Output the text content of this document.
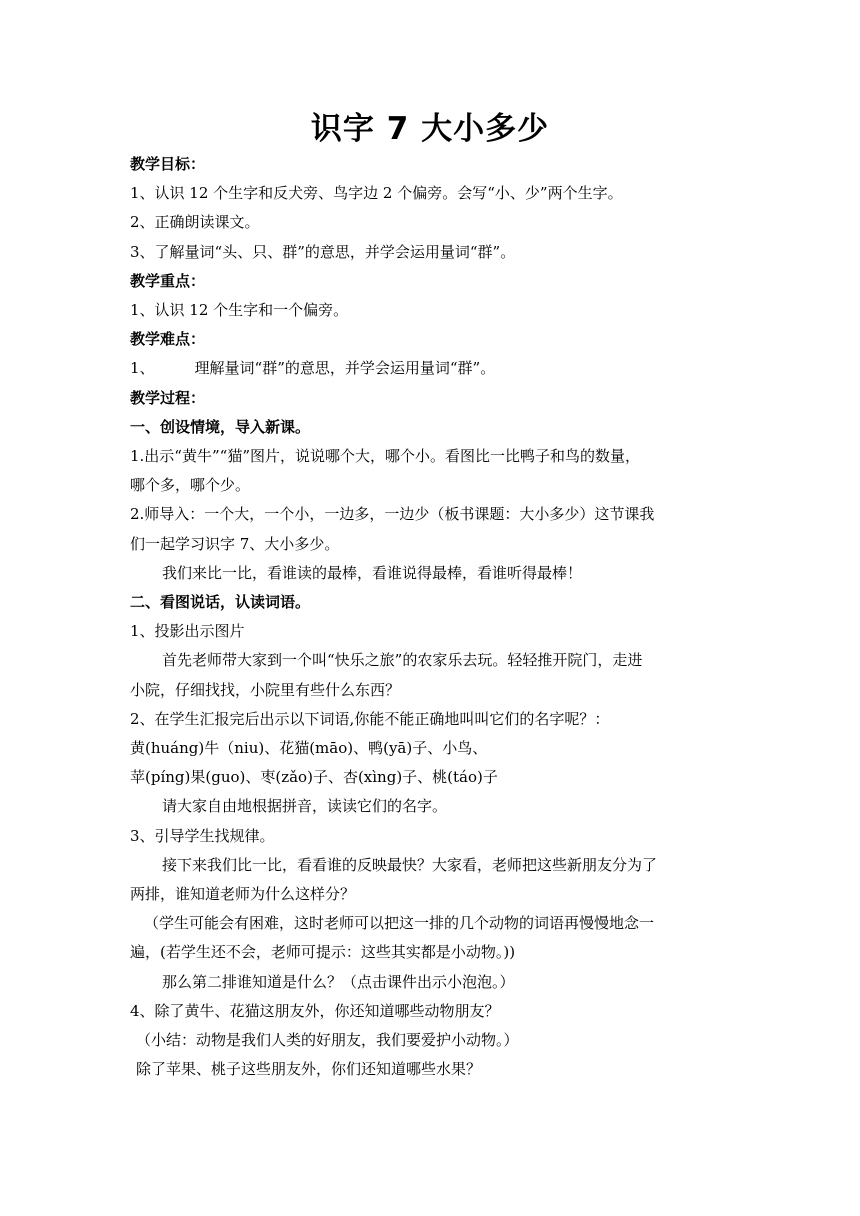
识字 7 大小多少
教学目标：
1、认识 12 个生字和反犬旁、鸟字边 2 个偏旁。会写“小、少”两个生字。
2、正确朗读课文。
3、了解量词“头、只、群”的意思，并学会运用量词“群”。
教学重点：
1、认识 12 个生字和一个偏旁。
教学难点：
1、	理解量词“群”的意思，并学会运用量词“群”。
教学过程：
一、创设情境，导入新课。
1.出示“黄牛”“猫”图片，说说哪个大，哪个小。看图比一比鸭子和鸟的数量，
哪个多，哪个少。
2.师导入：一个大，一个小，一边多，一边少（板书课题：大小多少）这节课我
们一起学习识字 7、大小多少。
我们来比一比，看谁读的最棒，看谁说得最棒，看谁听得最棒！
二、看图说话，认读词语。
1、投影出示图片
首先老师带大家到一个叫“快乐之旅”的农家乐去玩。轻轻推开院门，走进
小院，仔细找找，小院里有些什么东西？
2、在学生汇报完后出示以下词语,你能不能正确地叫叫它们的名字呢？：
黄(huáng)牛（niu)、花猫(māo)、鸭(yā)子、小鸟、
苹(píng)果(guo)、枣(zǎo)子、杏(xìng)子、桃(táo)子
请大家自由地根据拼音，读读它们的名字。
3、引导学生找规律。
接下来我们比一比，看看谁的反映最快？大家看，老师把这些新朋友分为了
两排，谁知道老师为什么这样分？
（学生可能会有困难，这时老师可以把这一排的几个动物的词语再慢慢地念一
遍，(若学生还不会，老师可提示：这些其实都是小动物。))
那么第二排谁知道是什么？（点击课件出示小泡泡。）
4、除了黄牛、花猫这朋友外，你还知道哪些动物朋友？
（小结：动物是我们人类的好朋友，我们要爱护小动物。）
除了苹果、桃子这些朋友外，你们还知道哪些水果？
